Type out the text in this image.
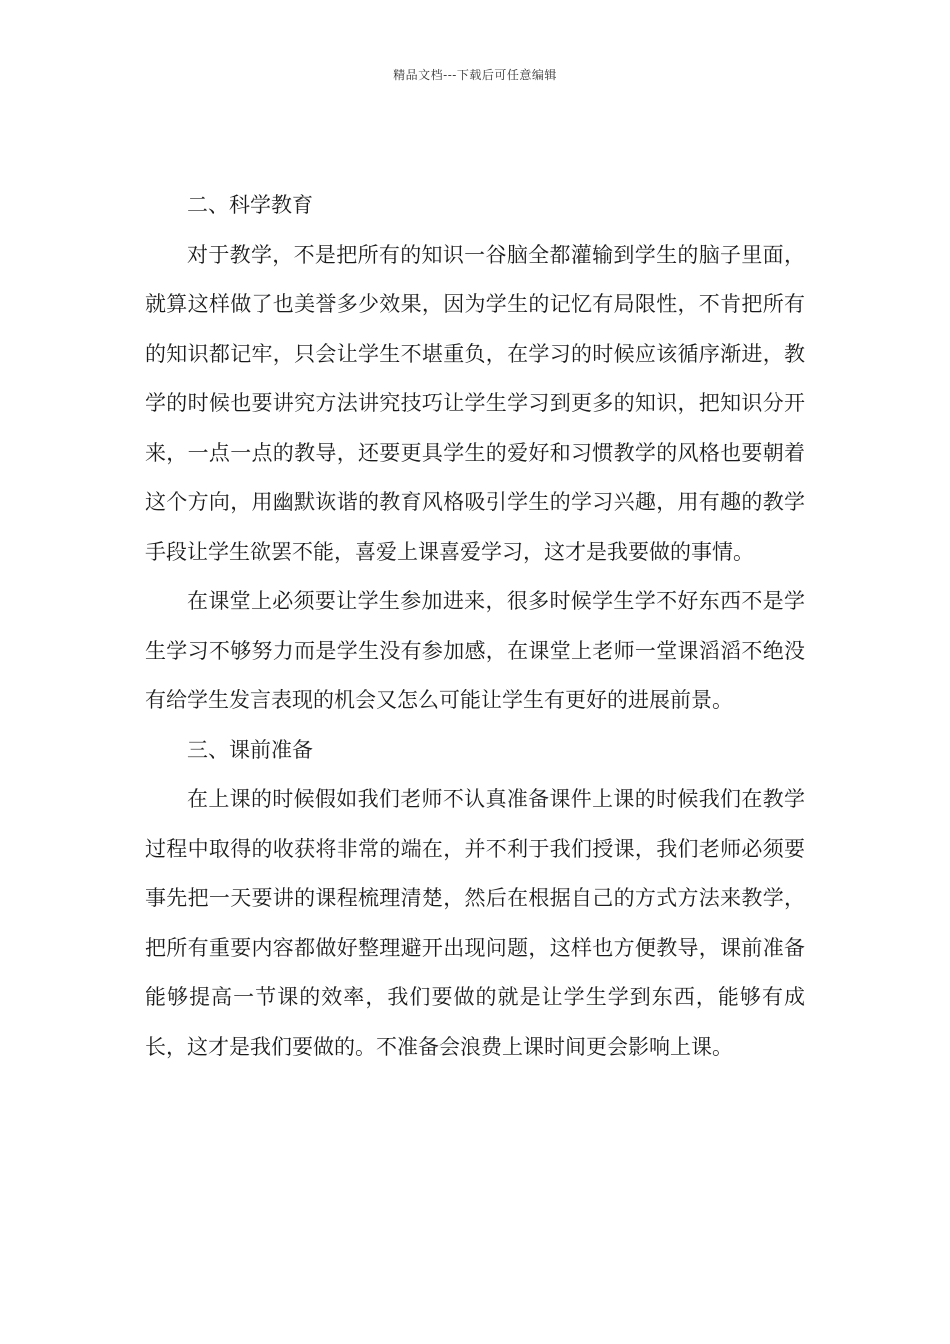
精品文档---下载后可任意编辑
二、科学教育

对于教学，不是把所有的知识一谷脑全都灌输到学生的脑子里面，就算这样做了也美誉多少效果，因为学生的记忆有局限性，不肯把所有的知识都记牢，只会让学生不堪重负，在学习的时候应该循序渐进，教学的时候也要讲究方法讲究技巧让学生学习到更多的知识，把知识分开来，一点一点的教导，还要更具学生的爱好和习惯教学的风格也要朝着这个方向，用幽默诙谐的教育风格吸引学生的学习兴趣，用有趣的教学手段让学生欲罢不能，喜爱上课喜爱学习，这才是我要做的事情。

在课堂上必须要让学生参加进来，很多时候学生学不好东西不是学生学习不够努力而是学生没有参加感，在课堂上老师一堂课滔滔不绝没有给学生发言表现的机会又怎么可能让学生有更好的进展前景。

三、课前准备

在上课的时候假如我们老师不认真准备课件上课的时候我们在教学过程中取得的收获将非常的端在，并不利于我们授课，我们老师必须要事先把一天要讲的课程梳理清楚，然后在根据自己的方式方法来教学，把所有重要内容都做好整理避开出现问题，这样也方便教导，课前准备能够提高一节课的效率，我们要做的就是让学生学到东西，能够有成长，这才是我们要做的。不准备会浪费上课时间更会影响上课。
